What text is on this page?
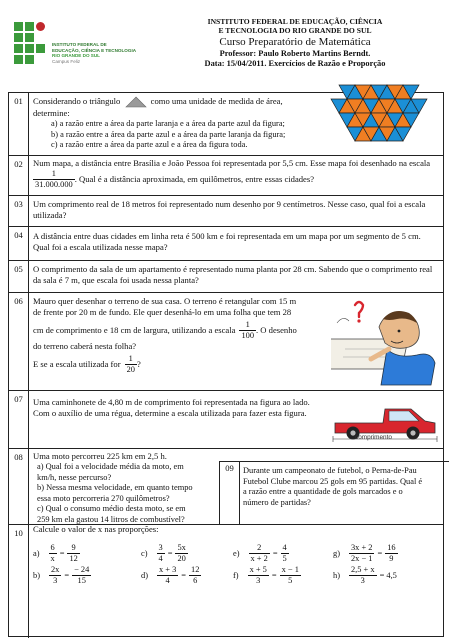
INSTITUTO FEDERAL DE
EDUCAÇÃO, CIÊNCIA E TECNOLOGIA
RIO GRANDE DO SUL
Campus Feliz
INSTITUTO FEDERAL DE EDUCAÇÃO, CIÊNCIA
E TECNOLOGIA DO RIO GRANDE DO SUL
Curso Preparatório de Matemática
Professor: Paulo Roberto Martins Berndt.
Data: 15/04/2011. Exercícios de Razão e Proporção
01	Considerando o triângulo	como uma unidade de medida de área,
determine:
a) a razão entre a área da parte laranja e a área da parte azul da figura;
b) a razão entre a área da parte azul e a área da parte laranja da figura;
c) a razão entre a área da parte azul e a área da figura toda.
02	Num mapa, a distância entre Brasília e João Pessoa foi representada por 5,5 cm. Esse mapa foi desenhado na escala
$\frac{1}{31.000.000}$ . Qual é a distância aproximada, em quilômetros, entre essas cidades?
03	Um comprimento real de 18 metros foi representado num desenho por 9 centímetros. Nesse caso, qual foi a escala
utilizada?
04	A distância entre duas cidades em linha reta é 500 km e foi representada em um mapa por um segmento de 5 cm.
Qual foi a escala utilizada nesse mapa?
05	O comprimento da sala de um apartamento é representado numa planta por 28 cm. Sabendo que o comprimento real
da sala é 7 m, que escala foi usada nessa planta?
06	Mauro quer desenhar o terreno de sua casa. O terreno é retangular com 15 m
de frente por 20 m de fundo. Ele quer desenhá-lo em uma folha que tem 28
cm de comprimento e 18 cm de largura, utilizando a escala $\frac{1}{100}$ . O desenho
do terreno caberá nesta folha?
E se a escala utilizada for $\frac{1}{20}$ ?
07	Uma caminhonete de 4,80 m de comprimento foi representada na figura ao lado.
Com o auxílio de uma régua, determine a escala utilizada para fazer esta figura.
comprimento
08	Uma moto percorreu 225 km em 2,5 h.
a) Qual foi a velocidade média da moto, em
km/h, nesse percurso?
b) Nessa mesma velocidade, em quanto tempo
essa moto percorreria 270 quilômetros?
c) Qual o consumo médio desta moto, se em
259 km ela gastou 14 litros de combustível?
09	Durante um campeonato de futebol, o Perna-de-Pau
Futebol Clube marcou 25 gols em 95 partidas. Qual é
a razão entre a quantidade de gols marcados e o
número de partidas?
10	Calcule o valor de x nas proporções:
$a) \frac{6}{x} = \frac{9}{12}$	$c) \frac{3}{4} = \frac{5x}{20}$	$e) \frac{2}{x + 2} = \frac{4}{5}$	$g) \frac{3x + 2}{2x - 1} = \frac{16}{9}$
$b) \frac{2x}{3} = \frac{- 24}{15}$	$d) \frac{x + 3}{4} = \frac{12}{6}$	$f) \frac{x + 5}{3} = \frac{x - 1}{5}$	$h) \frac{2,5 + x}{3} = 4,5$
